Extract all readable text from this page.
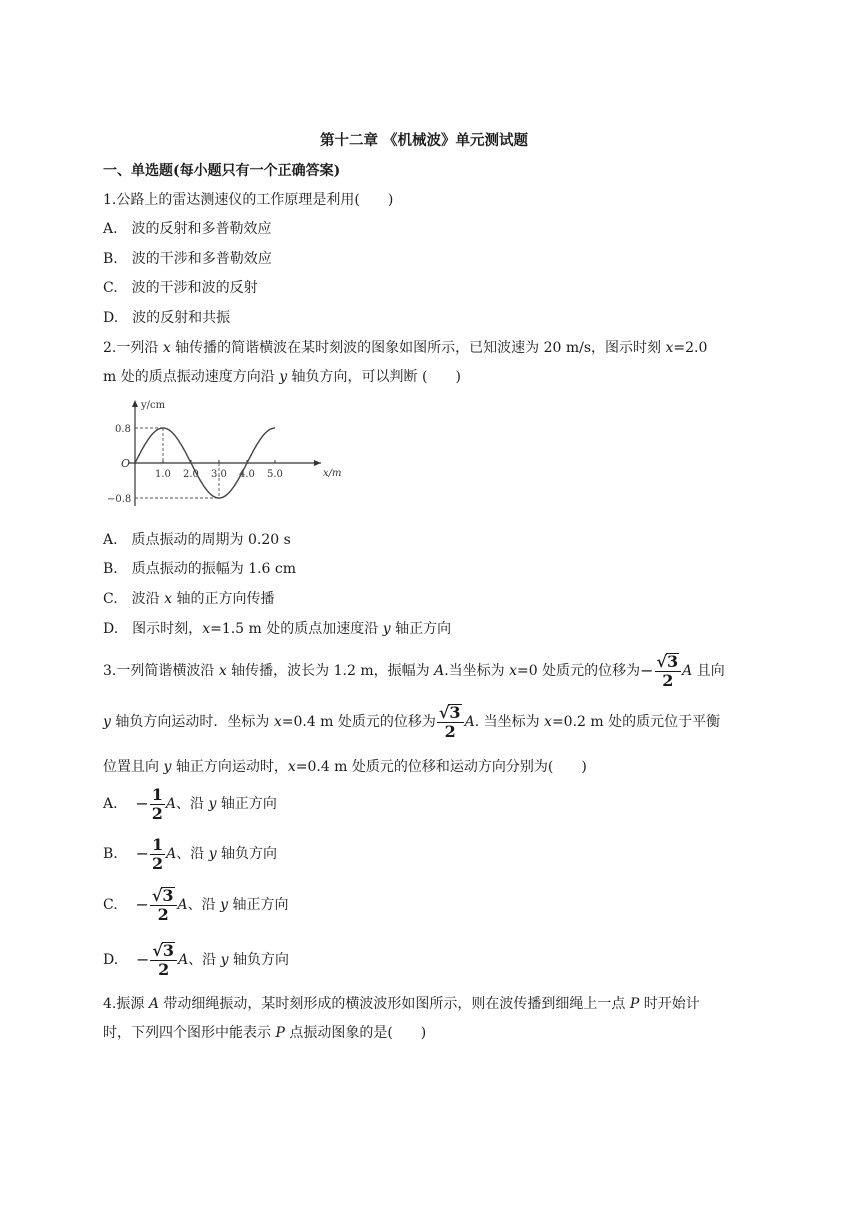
第十二章 《机械波》单元测试题
一、单选题(每小题只有一个正确答案)
1.公路上的雷达测速仪的工作原理是利用(　　)
A.　波的反射和多普勒效应
B.　波的干涉和多普勒效应
C.　波的干涉和波的反射
D.　波的反射和共振
2.一列沿 x 轴传播的简谐横波在某时刻波的图象如图所示，已知波速为 20 m/s，图示时刻 x=2.0
m 处的质点振动速度方向沿 y 轴负方向，可以判断 (　　)
y/cm
x/m
O
0.8
−0.8
1.0 2.0 3.0 4.0 5.0
A.　质点振动的周期为 0.20 s
B.　质点振动的振幅为 1.6 cm
C.　波沿 x 轴的正方向传播
D.　图示时刻，x=1.5 m 处的质点加速度沿 y 轴正方向
3.一列简谐横波沿 x 轴传播，波长为 1.2 m，振幅为 A.当坐标为 x=0 处质元的位移为− $\frac{√3}{2}$ A 且向
y 轴负方向运动时．坐标为 x=0.4 m 处质元的位移为 $\frac{√3}{2} A$. 当坐标为 x=0.2 m 处的质元位于平衡
位置且向 y 轴正方向运动时，x=0.4 m 处质元的位移和运动方向分别为(　　)
A. − $\frac{1}{2}$ A、沿 y 轴正方向
B. − $\frac{1}{2}$ A、沿 y 轴负方向
C. − $\frac{√3}{2}$ A、沿 y 轴正方向
D. − $\frac{√3}{2}$ A、沿 y 轴负方向
4.振源 A 带动细绳振动，某时刻形成的横波波形如图所示，则在波传播到细绳上一点 P 时开始计
时，下列四个图形中能表示 P 点振动图象的是(　　)
